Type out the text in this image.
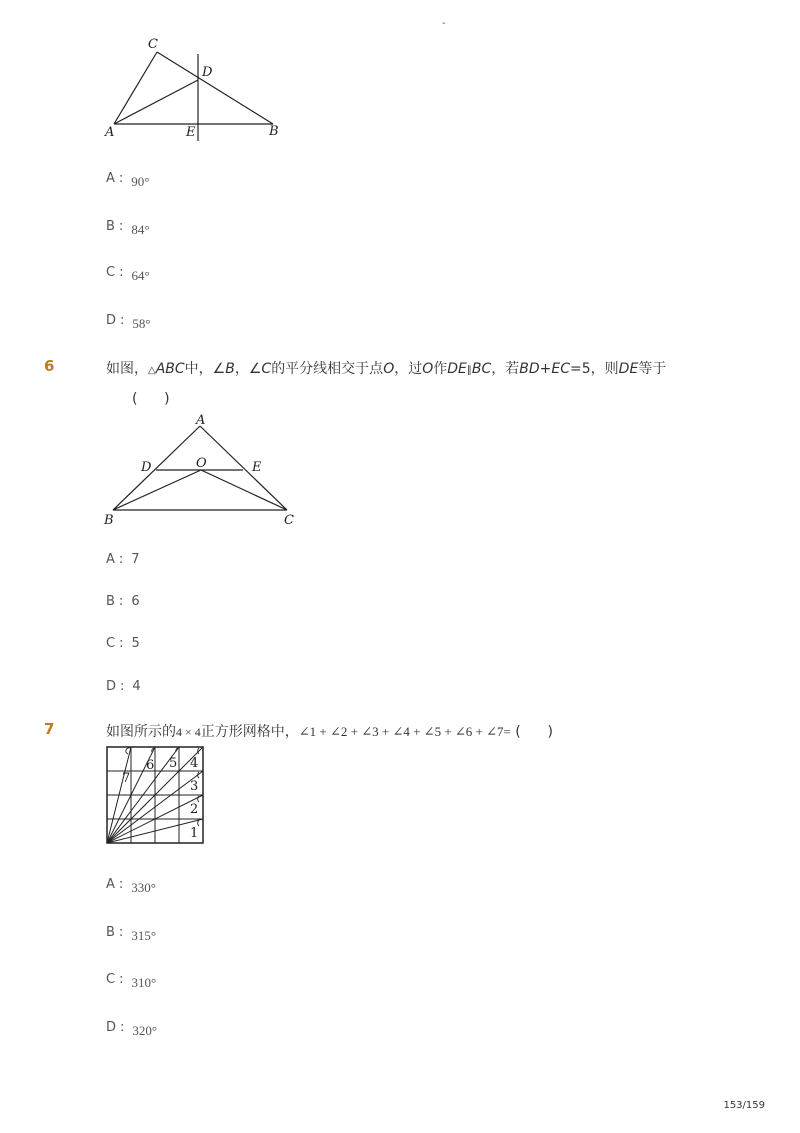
-
C
D
A	E	B
A : 90°
B : 84°
C : 64°
D : 58°
6	如图，△ABC中，∠B，∠C的平分线相交于点O，过O作DE∥BC，若BD+EC=5，则DE等于
(      )
A
D	O	E
B	C
A : 7
B : 6
C : 5
D : 4
7	如图所示的4 × 4正方形网格中，∠1 + ∠2 + ∠3 + ∠4 + ∠5 + ∠6 + ∠7= (      )
1
2
3
4
5
6
7
A : 330°
B : 315°
C : 310°
D : 320°
153/159
